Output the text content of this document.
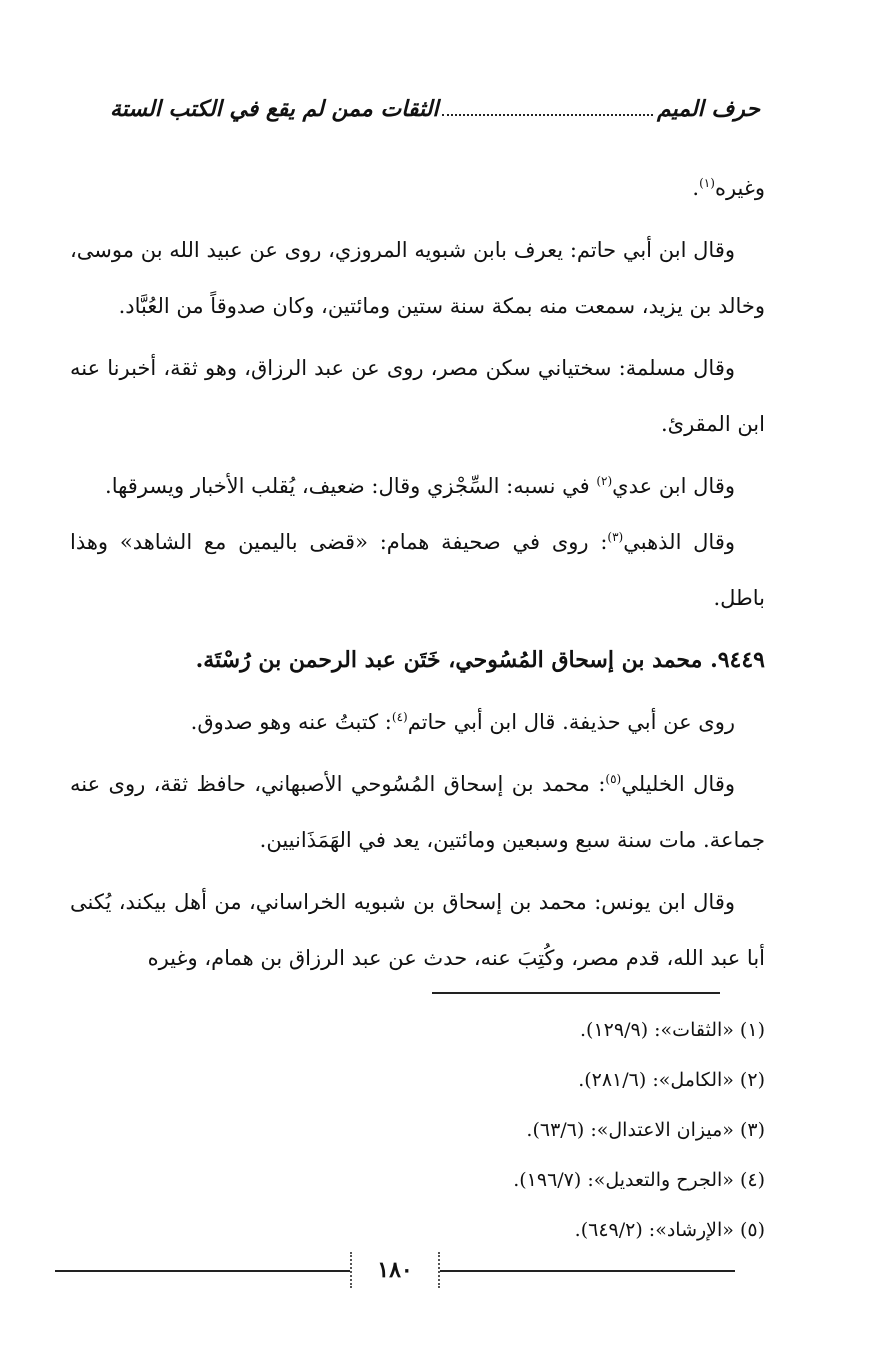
حرف الميم
الثقات ممن لم يقع في الكتب الستة

وغيره$^{(١)}$.

وقال ابن أبي حاتم: يعرف بابن شبويه المروزي، روى عن عبيد الله بن موسى، وخالد بن يزيد، سمعت منه بمكة سنة ستين ومائتين، وكان صدوقاً من العُبَّاد.

وقال مسلمة: سختياني سكن مصر، روى عن عبد الرزاق، وهو ثقة، أخبرنا عنه ابن المقرئ.

وقال ابن عدي$^{(٢)}$ في نسبه: السِّجْزي وقال: ضعيف، يُقلب الأخبار ويسرقها.

وقال الذهبي$^{(٣)}$: روى في صحيفة همام: «قضى باليمين مع الشاهد» وهذا باطل.

٩٤٤٩. محمد بن إسحاق المُسُوحي، خَتَن عبد الرحمن بن رُسْتَة.

روى عن أبي حذيفة. قال ابن أبي حاتم$^{(٤)}$: كتبتُ عنه وهو صدوق.

وقال الخليلي$^{(٥)}$: محمد بن إسحاق المُسُوحي الأصبهاني، حافظ ثقة، روى عنه جماعة. مات سنة سبع وسبعين ومائتين، يعد في الهَمَذَانيين.

وقال ابن يونس: محمد بن إسحاق بن شبويه الخراساني، من أهل بيكند، يُكنى أبا عبد الله، قدم مصر، وكُتِبَ عنه، حدث عن عبد الرزاق بن همام، وغيره

(١) «الثقات»: (١٢٩/٩).
(٢) «الكامل»: (٢٨١/٦).
(٣) «ميزان الاعتدال»: (٦٣/٦).
(٤) «الجرح والتعديل»: (١٩٦/٧).
(٥) «الإرشاد»: (٦٤٩/٢).
١٨٠
